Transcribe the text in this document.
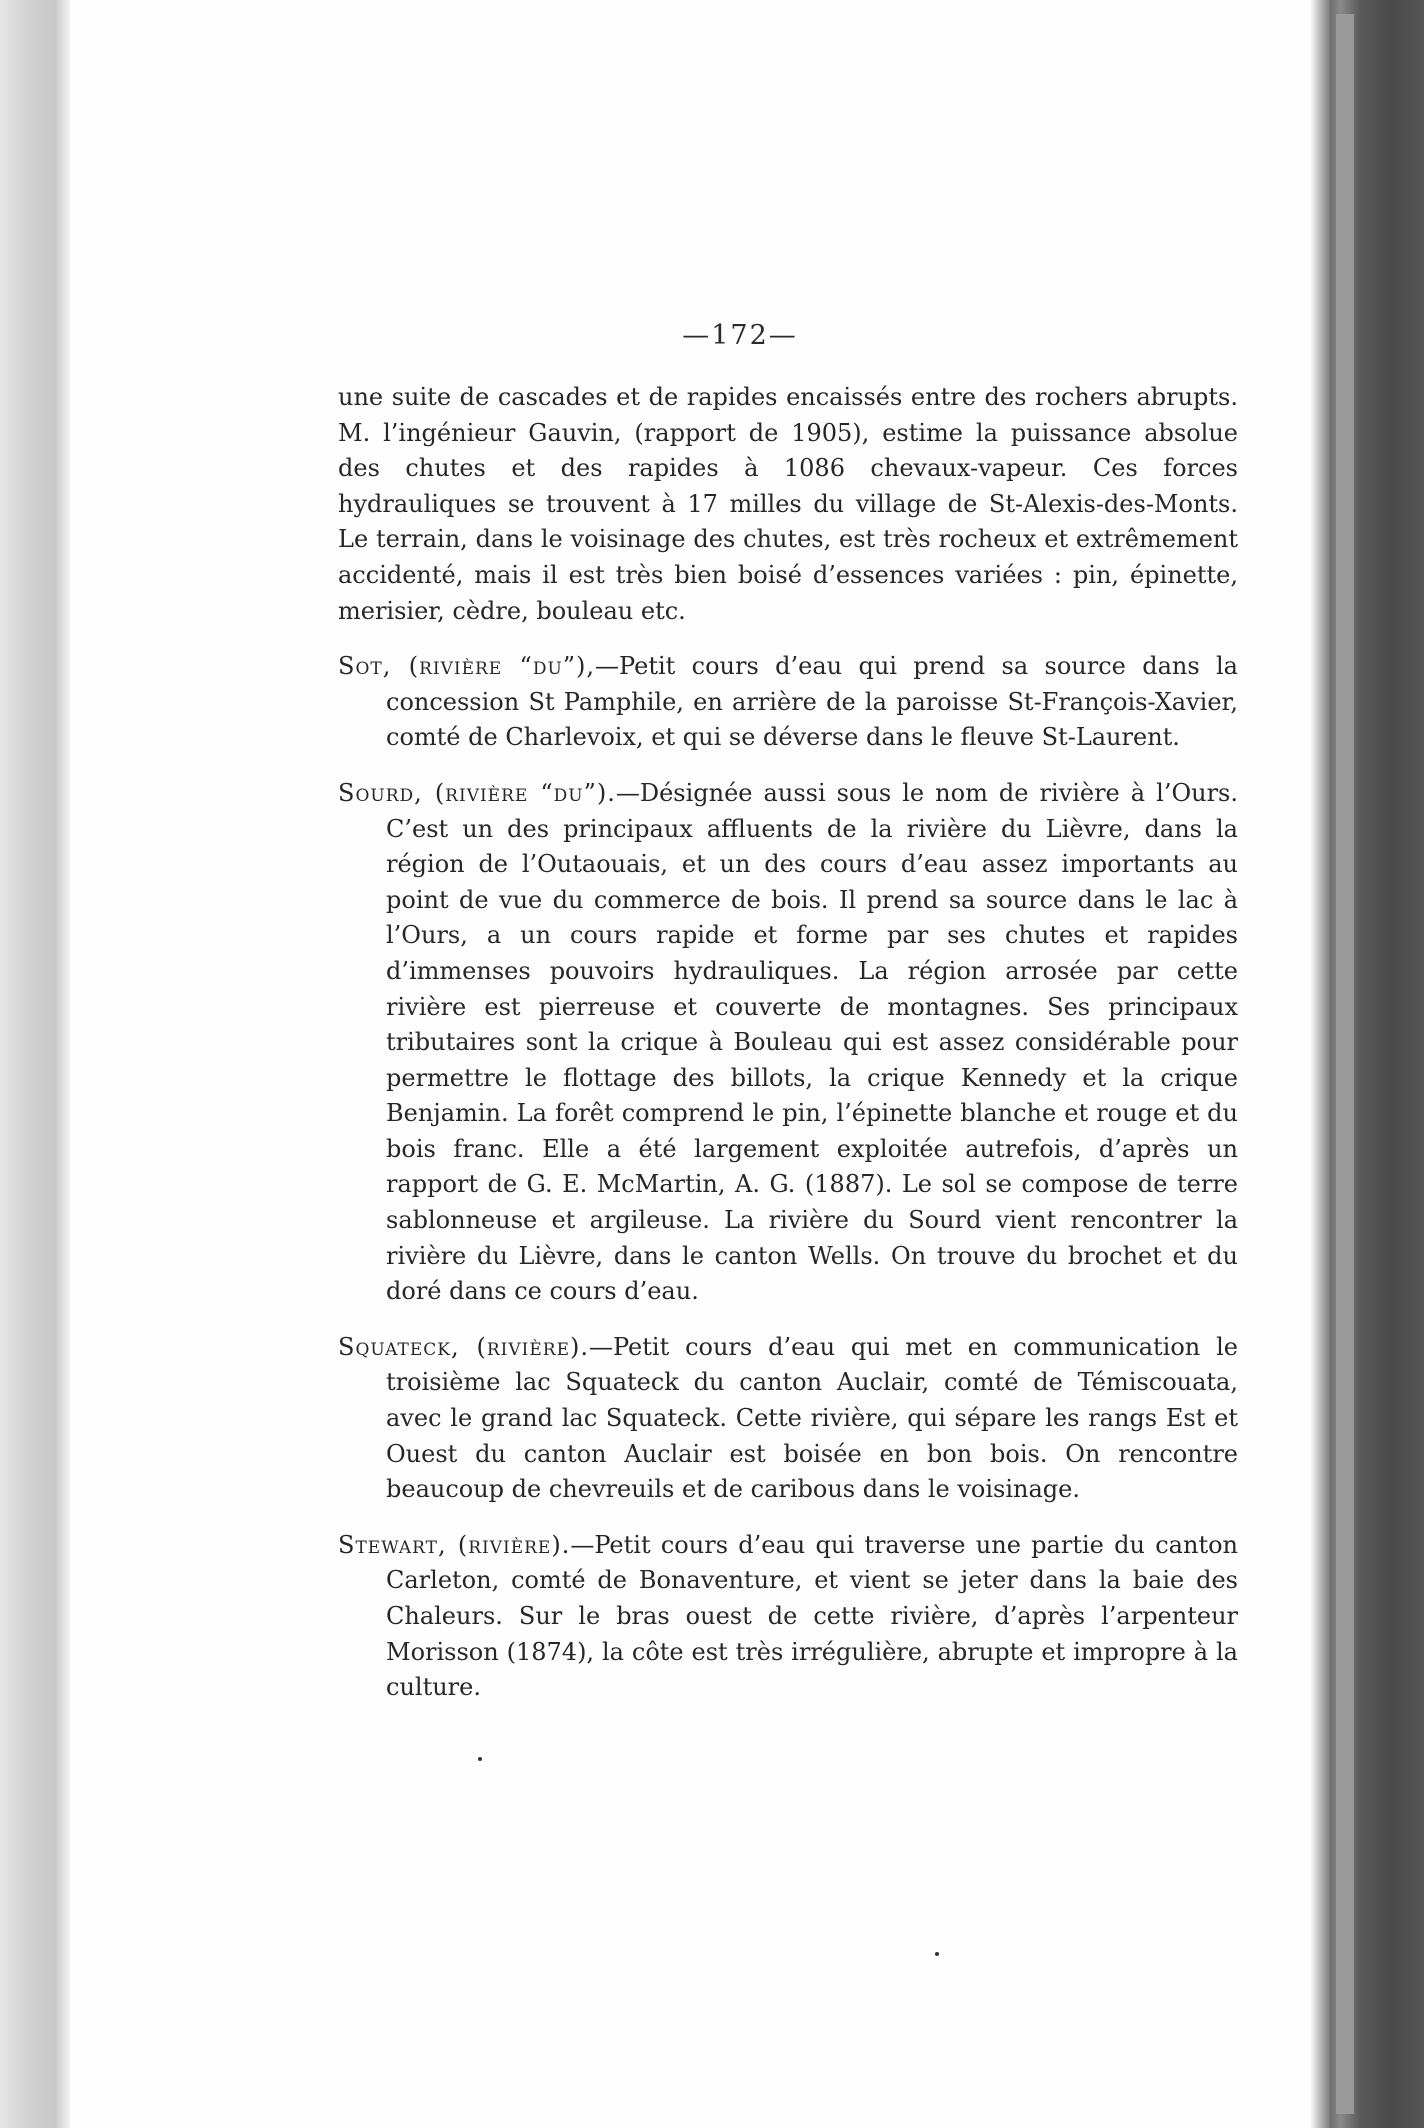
—172—

une suite de cascades et de rapides encaissés entre des rochers abrupts. M. l’ingénieur Gauvin, (rapport de 1905), estime la puissance absolue des chutes et des rapides à 1086 chevaux-vapeur. Ces forces hydrauliques se trouvent à 17 milles du village de St-Alexis-des-Monts. Le terrain, dans le voisinage des chutes, est très rocheux et extrêmement accidenté, mais il est très bien boisé d’essences variées : pin, épinette, merisier, cèdre, bouleau etc.

Sot, (rivière “du”),—Petit cours d’eau qui prend sa source dans la concession St Pamphile, en arrière de la paroisse St-François-Xavier, comté de Charlevoix, et qui se déverse dans le fleuve St-Laurent.

Sourd, (rivière “du”).—Désignée aussi sous le nom de rivière à l’Ours. C’est un des principaux affluents de la rivière du Lièvre, dans la région de l’Outaouais, et un des cours d’eau assez importants au point de vue du commerce de bois. Il prend sa source dans le lac à l’Ours, a un cours rapide et forme par ses chutes et rapides d’immenses pouvoirs hydrauliques. La région arrosée par cette rivière est pierreuse et couverte de montagnes. Ses principaux tributaires sont la crique à Bouleau qui est assez considérable pour permettre le flottage des billots, la crique Kennedy et la crique Benjamin. La forêt comprend le pin, l’épinette blanche et rouge et du bois franc. Elle a été largement exploitée autrefois, d’après un rapport de G. E. McMartin, A. G. (1887). Le sol se compose de terre sablonneuse et argileuse. La rivière du Sourd vient rencontrer la rivière du Lièvre, dans le canton Wells. On trouve du brochet et du doré dans ce cours d’eau.

Squateck, (rivière).—Petit cours d’eau qui met en communication le troisième lac Squateck du canton Auclair, comté de Témiscouata, avec le grand lac Squateck. Cette rivière, qui sépare les rangs Est et Ouest du canton Auclair est boisée en bon bois. On rencontre beaucoup de chevreuils et de caribous dans le voisinage.

Stewart, (rivière).—Petit cours d’eau qui traverse une partie du canton Carleton, comté de Bonaventure, et vient se jeter dans la baie des Chaleurs. Sur le bras ouest de cette rivière, d’après l’arpenteur Morisson (1874), la côte est très irrégulière, abrupte et impropre à la culture.
